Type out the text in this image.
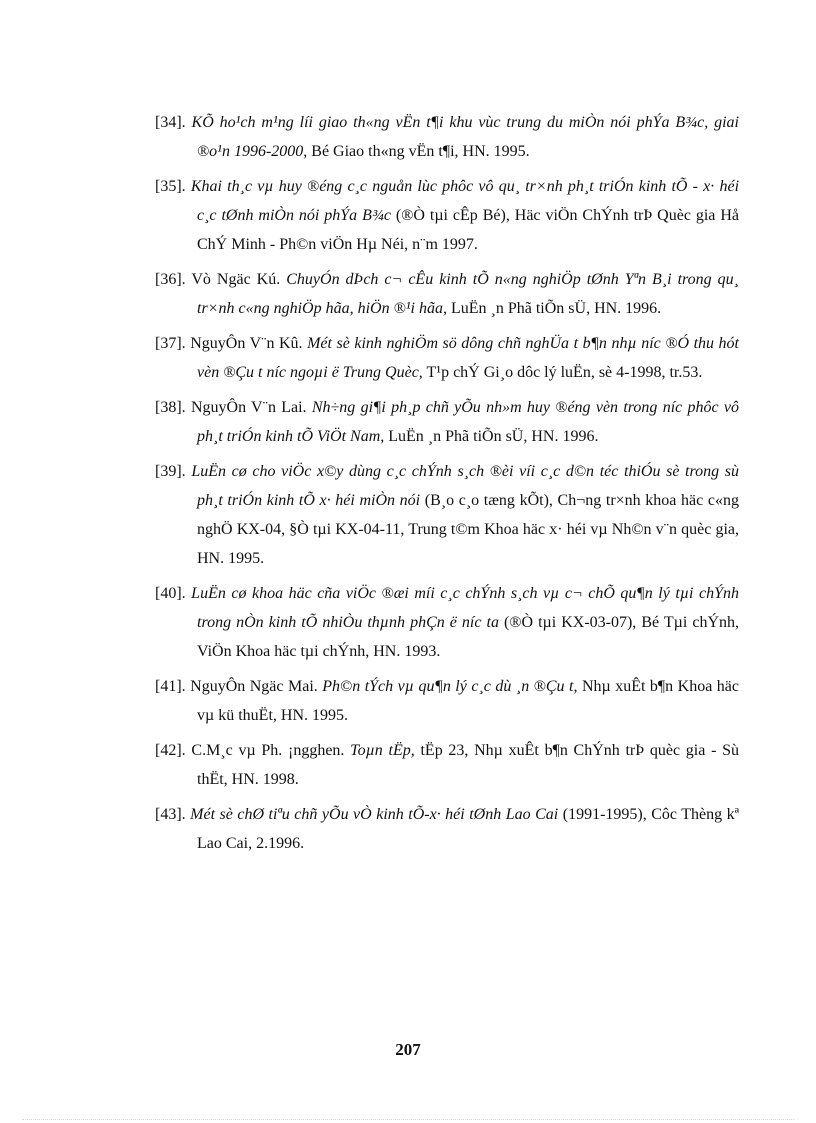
[34]. KÕ ho¹ch m¹ng líi giao th«ng vËn t¶i khu vùc trung du miÒn nói phÝa B¾c, giai ®o¹n 1996-2000, Bé Giao th«ng vËn t¶i, HN. 1995.
[35]. Khai th¸c vµ huy ®éng c¸c nguån lùc phôc vô qu¸ tr×nh ph¸t triÓn kinh tÕ - x· héi c¸c tØnh miÒn nói phÝa B¾c (®Ò tµi cÊp Bé), Häc viÖn ChÝnh trÞ Quèc gia Hå ChÝ Minh - Ph©n viÖn Hµ Néi, n¨m 1997.
[36]. Vò Ngäc Kú. ChuyÓn dÞch c¬ cÊu kinh tÕ n«ng nghiÖp tØnh Yªn B¸i trong qu¸ tr×nh c«ng nghiÖp hãa, hiÖn ®¹i hãa, LuËn ¸n Phã tiÕn sÜ, HN. 1996.
[37]. NguyÔn V¨n Kû. Mét sè kinh nghiÖm sö dông chñ nghÜa t b¶n nhµ níc ®Ó thu hót vèn ®Çu t níc ngoµi ë Trung Quèc, T¹p chÝ Gi¸o dôc lý luËn, sè 4-1998, tr.53.
[38]. NguyÔn V¨n Lai. Nh÷ng gi¶i ph¸p chñ yÕu nh»m huy ®éng vèn trong níc phôc vô ph¸t triÓn kinh tÕ ViÖt Nam, LuËn ¸n Phã tiÕn sÜ, HN. 1996.
[39]. LuËn cø cho viÖc x©y dùng c¸c chÝnh s¸ch ®èi víi c¸c d©n téc thiÓu sè trong sù ph¸t triÓn kinh tÕ x· héi miÒn nói (B¸o c¸o tæng kÕt), Ch¬ng tr×nh khoa häc c«ng nghÖ KX-04, §Ò tµi KX-04-11, Trung t©m Khoa häc x· héi vµ Nh©n v¨n quèc gia, HN. 1995.
[40]. LuËn cø khoa häc cña viÖc ®æi míi c¸c chÝnh s¸ch vµ c¬ chÕ qu¶n lý tµi chÝnh trong nÒn kinh tÕ nhiÒu thµnh phÇn ë níc ta (®Ò tµi KX-03-07), Bé Tµi chÝnh, ViÖn Khoa häc tµi chÝnh, HN. 1993.
[41]. NguyÔn Ngäc Mai. Ph©n tÝch vµ qu¶n lý c¸c dù ¸n ®Çu t, Nhµ xuÊt b¶n Khoa häc vµ kü thuËt, HN. 1995.
[42]. C.M¸c vµ Ph. ¡ngghen. Toµn tËp, tËp 23, Nhµ xuÊt b¶n ChÝnh trÞ quèc gia - Sù thËt, HN. 1998.
[43]. Mét sè chØ tiªu chñ yÕu vÒ kinh tÕ-x· héi tØnh Lao Cai (1991-1995), Côc Thèng kª Lao Cai, 2.1996.
207
